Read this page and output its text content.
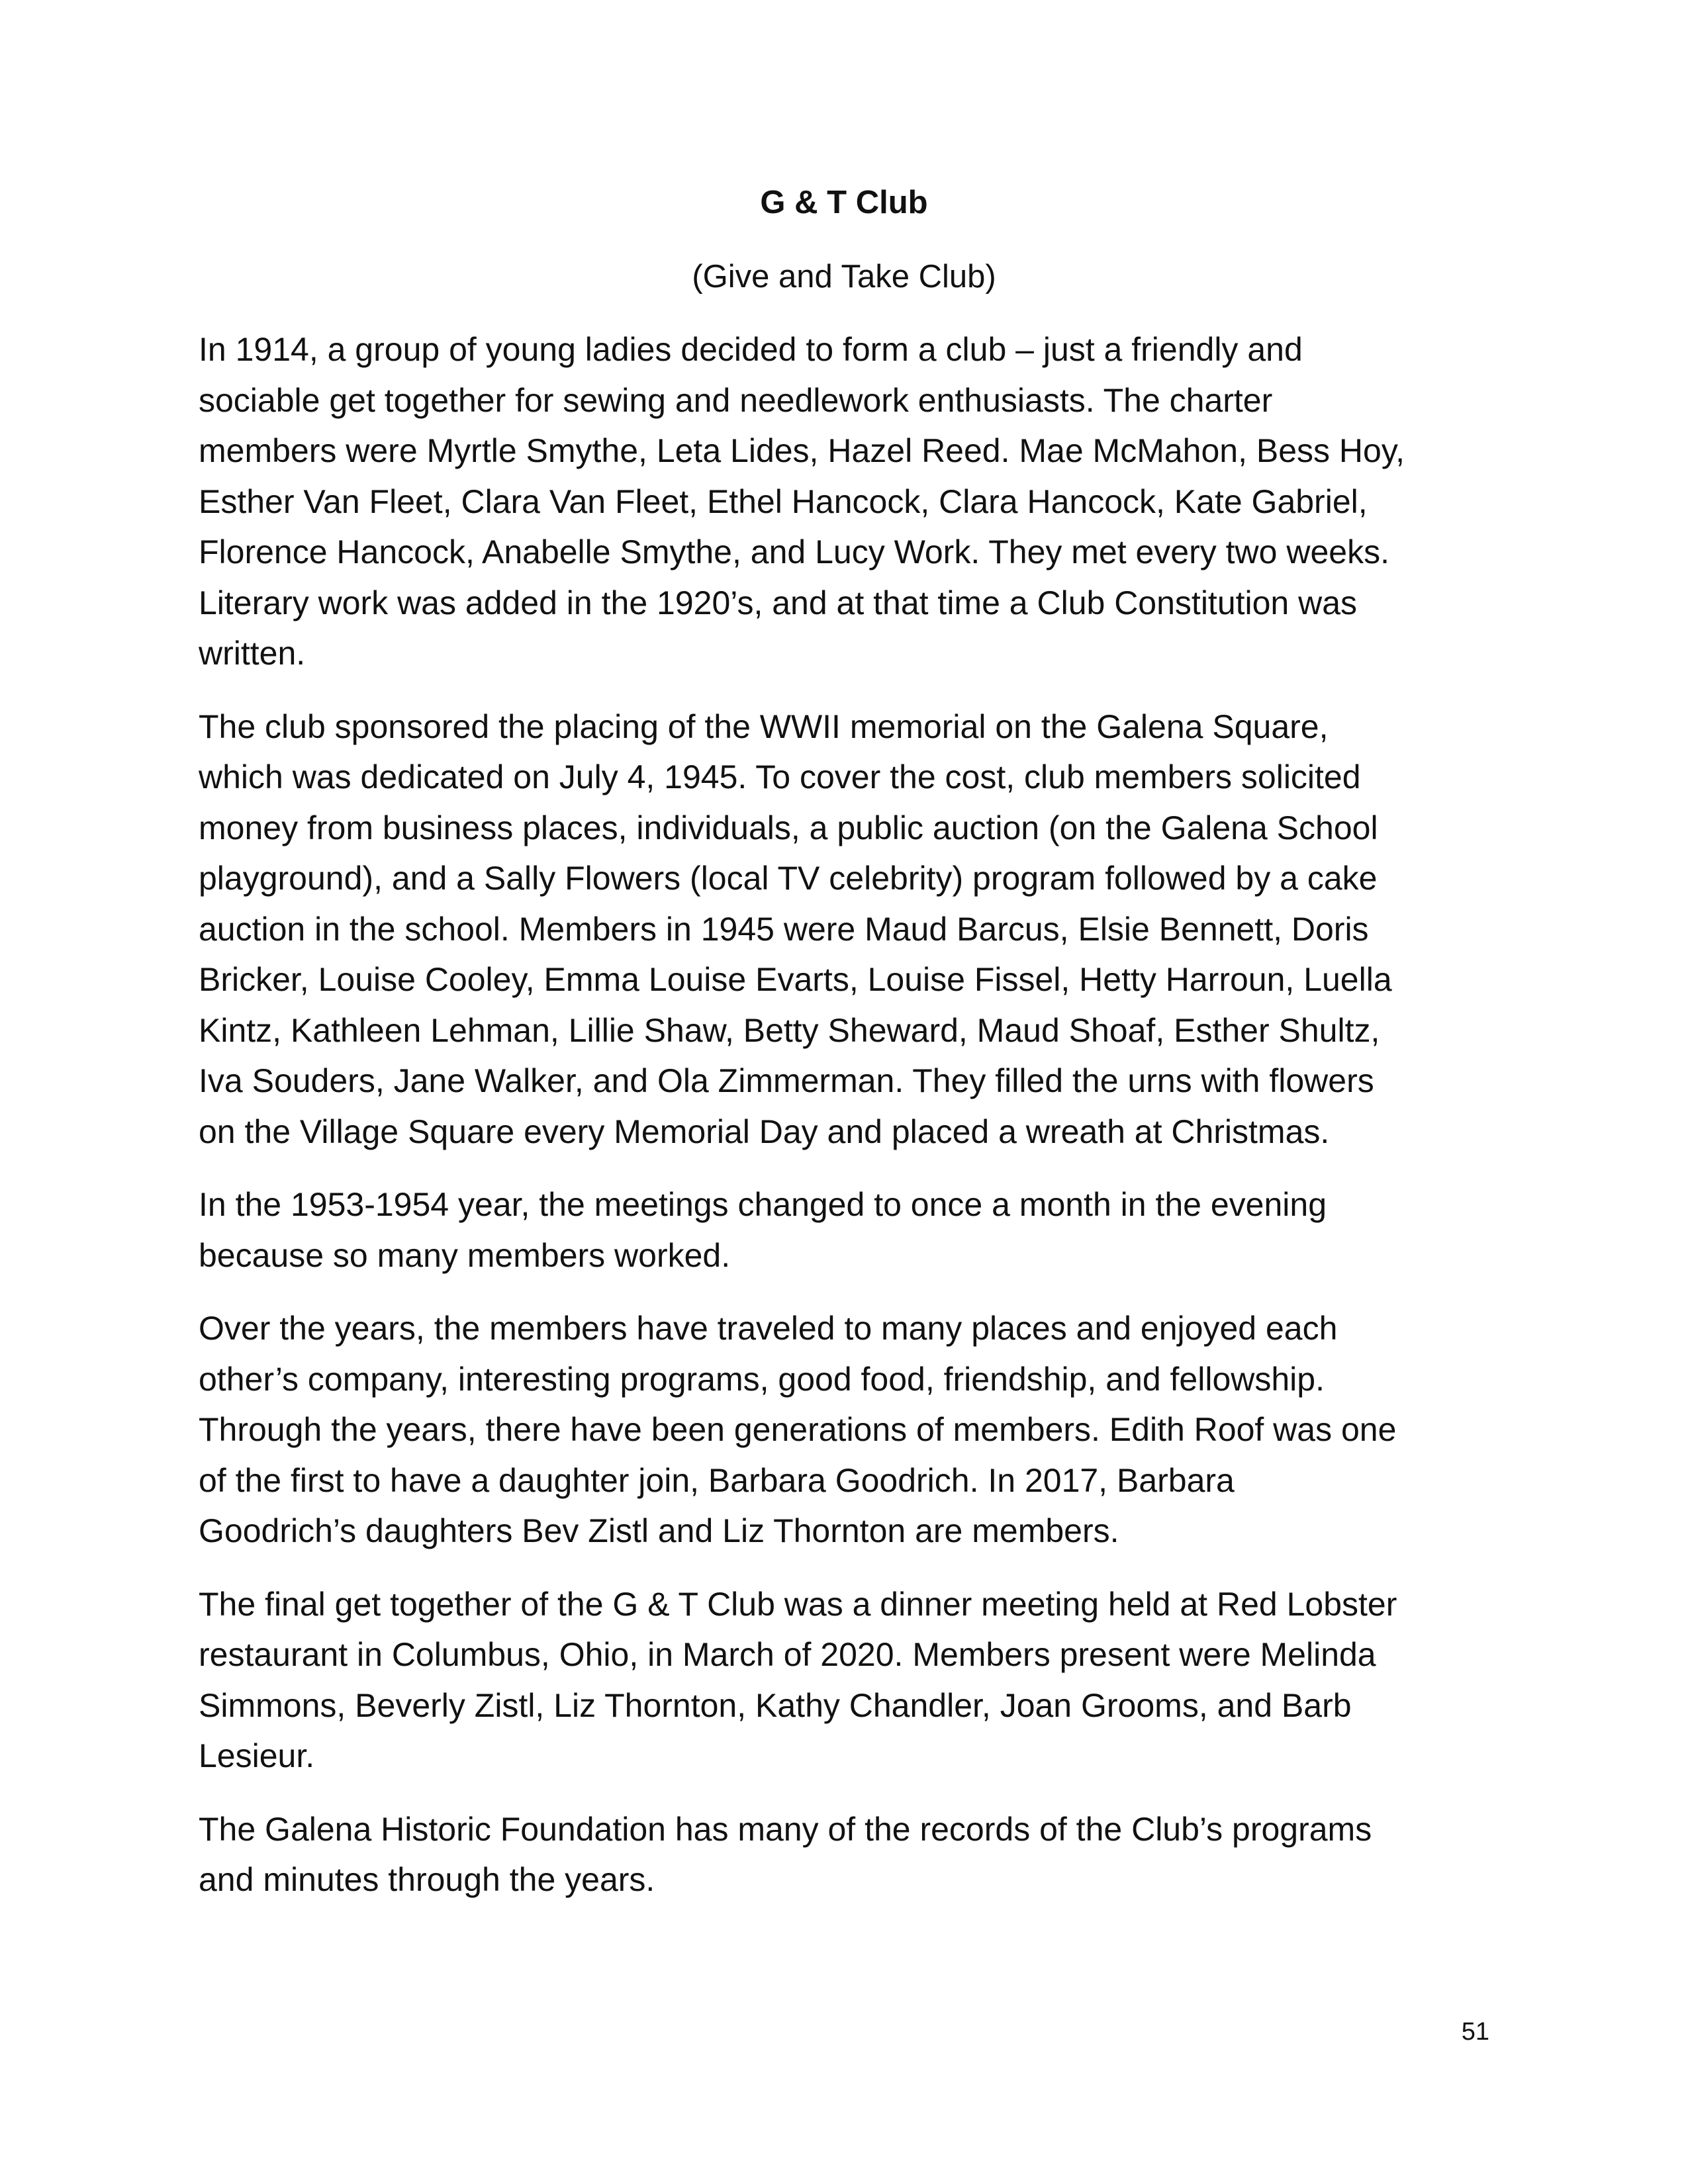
G & T Club
(Give and Take Club)

In 1914, a group of young ladies decided to form a club – just a friendly and
sociable get together for sewing and needlework enthusiasts. The charter
members were Myrtle Smythe, Leta Lides, Hazel Reed. Mae McMahon, Bess Hoy,
Esther Van Fleet, Clara Van Fleet, Ethel Hancock, Clara Hancock, Kate Gabriel,
Florence Hancock, Anabelle Smythe, and Lucy Work. They met every two weeks.
Literary work was added in the 1920’s, and at that time a Club Constitution was
written.

The club sponsored the placing of the WWII memorial on the Galena Square,
which was dedicated on July 4, 1945. To cover the cost, club members solicited
money from business places, individuals, a public auction (on the Galena School
playground), and a Sally Flowers (local TV celebrity) program followed by a cake
auction in the school. Members in 1945 were Maud Barcus, Elsie Bennett, Doris
Bricker, Louise Cooley, Emma Louise Evarts, Louise Fissel, Hetty Harroun, Luella
Kintz, Kathleen Lehman, Lillie Shaw, Betty Sheward, Maud Shoaf, Esther Shultz,
Iva Souders, Jane Walker, and Ola Zimmerman. They filled the urns with flowers
on the Village Square every Memorial Day and placed a wreath at Christmas.

In the 1953-1954 year, the meetings changed to once a month in the evening
because so many members worked.

Over the years, the members have traveled to many places and enjoyed each
other’s company, interesting programs, good food, friendship, and fellowship.
Through the years, there have been generations of members. Edith Roof was one
of the first to have a daughter join, Barbara Goodrich. In 2017, Barbara
Goodrich’s daughters Bev Zistl and Liz Thornton are members.

The final get together of the G & T Club was a dinner meeting held at Red Lobster
restaurant in Columbus, Ohio, in March of 2020. Members present were Melinda
Simmons, Beverly Zistl, Liz Thornton, Kathy Chandler, Joan Grooms, and Barb
Lesieur.

The Galena Historic Foundation has many of the records of the Club’s programs
and minutes through the years.

51
